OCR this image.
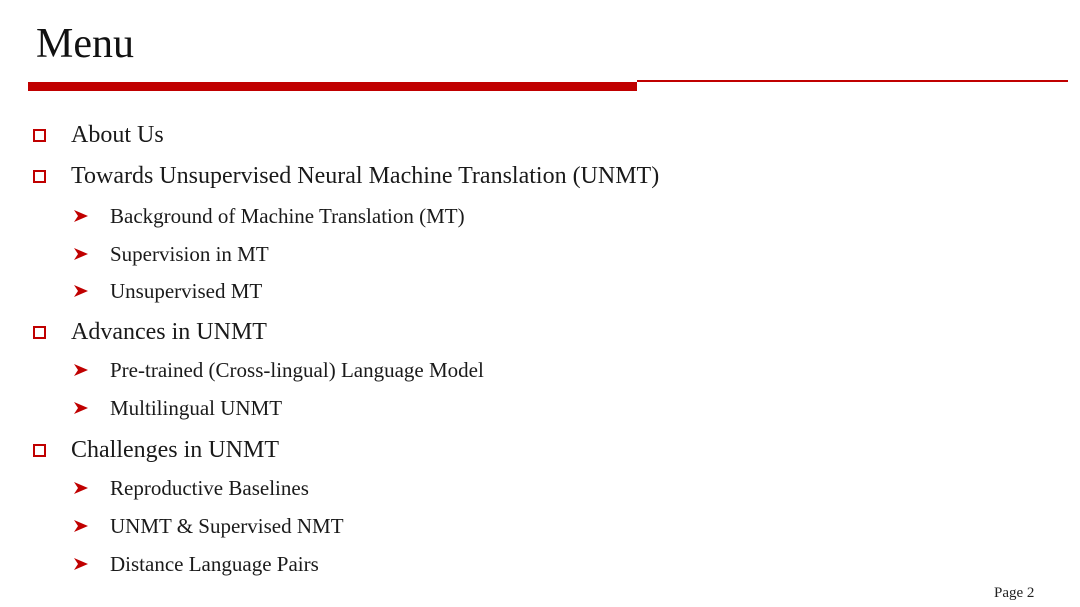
Menu
About Us
Towards Unsupervised Neural Machine Translation (UNMT)
Background of Machine Translation (MT)
Supervision in MT
Unsupervised MT
Advances in UNMT
Pre-trained (Cross-lingual) Language Model
Multilingual UNMT
Challenges in UNMT
Reproductive Baselines
UNMT & Supervised NMT
Distance Language Pairs
Page 2
